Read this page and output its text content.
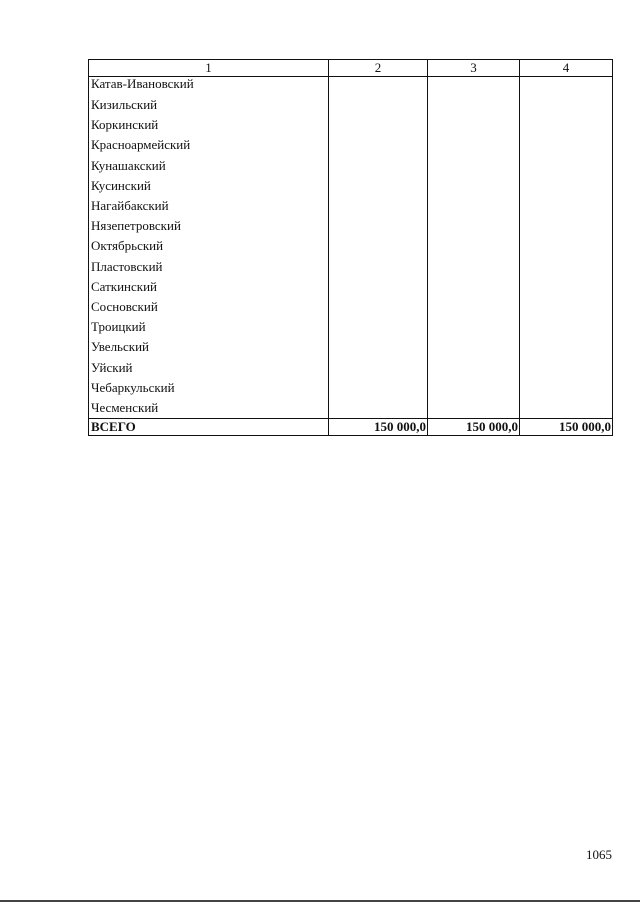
1	2	3	4
Катав-Ивановский			
Кизильский			
Коркинский			
Красноармейский			
Кунашакский			
Кусинский			
Нагайбакский			
Нязепетровский			
Октябрьский			
Пластовский			
Саткинский			
Сосновский			
Троицкий			
Увельский			
Уйский			
Чебаркульский			
Чесменский			
ВСЕГО	150 000,0	150 000,0	150 000,0
1065
